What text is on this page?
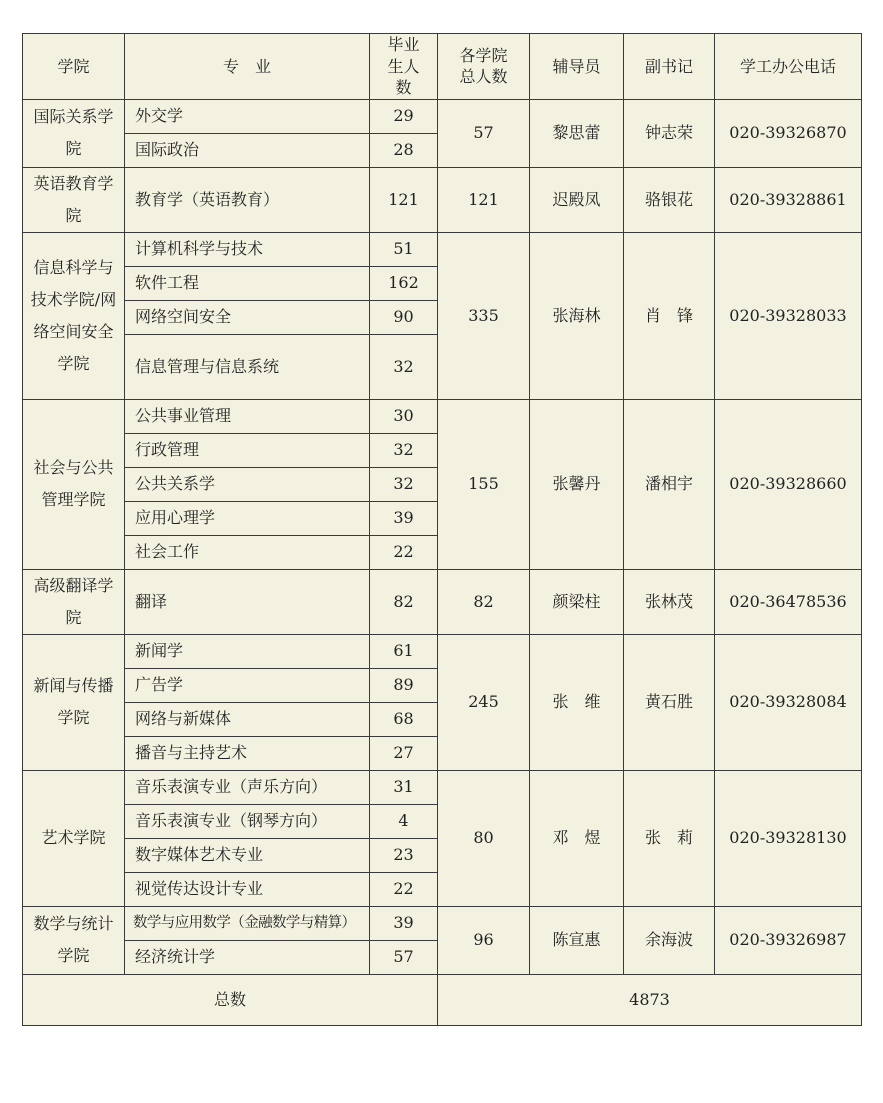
学院	专　业	毕业生人数	各学院总人数	辅导员	副书记	学工办公电话
国际关系学院	外交学	29	57	黎思蕾	钟志荣	020-39326870
	国际政治	28				
英语教育学院	教育学（英语教育）	121	121	迟殿凤	骆银花	020-39328861
信息科学与技术学院/网络空间安全学院	计算机科学与技术	51	335	张海林	肖　锋	020-39328033
	软件工程	162				
	网络空间安全	90				
	信息管理与信息系统	32				
社会与公共管理学院	公共事业管理	30	155	张馨丹	潘相宇	020-39328660
	行政管理	32				
	公共关系学	32				
	应用心理学	39				
	社会工作	22				
高级翻译学院	翻译	82	82	颜梁柱	张林茂	020-36478536
新闻与传播学院	新闻学	61	245	张　维	黄石胜	020-39328084
	广告学	89				
	网络与新媒体	68				
	播音与主持艺术	27				
艺术学院	音乐表演专业（声乐方向）	31	80	邓　煜	张　莉	020-39328130
	音乐表演专业（钢琴方向）	4				
	数字媒体艺术专业	23				
	视觉传达设计专业	22				
数学与统计学院	数学与应用数学（金融数学与精算）	39	96	陈宣惠	余海波	020-39326987
	经济统计学	57				
总数			4873			
